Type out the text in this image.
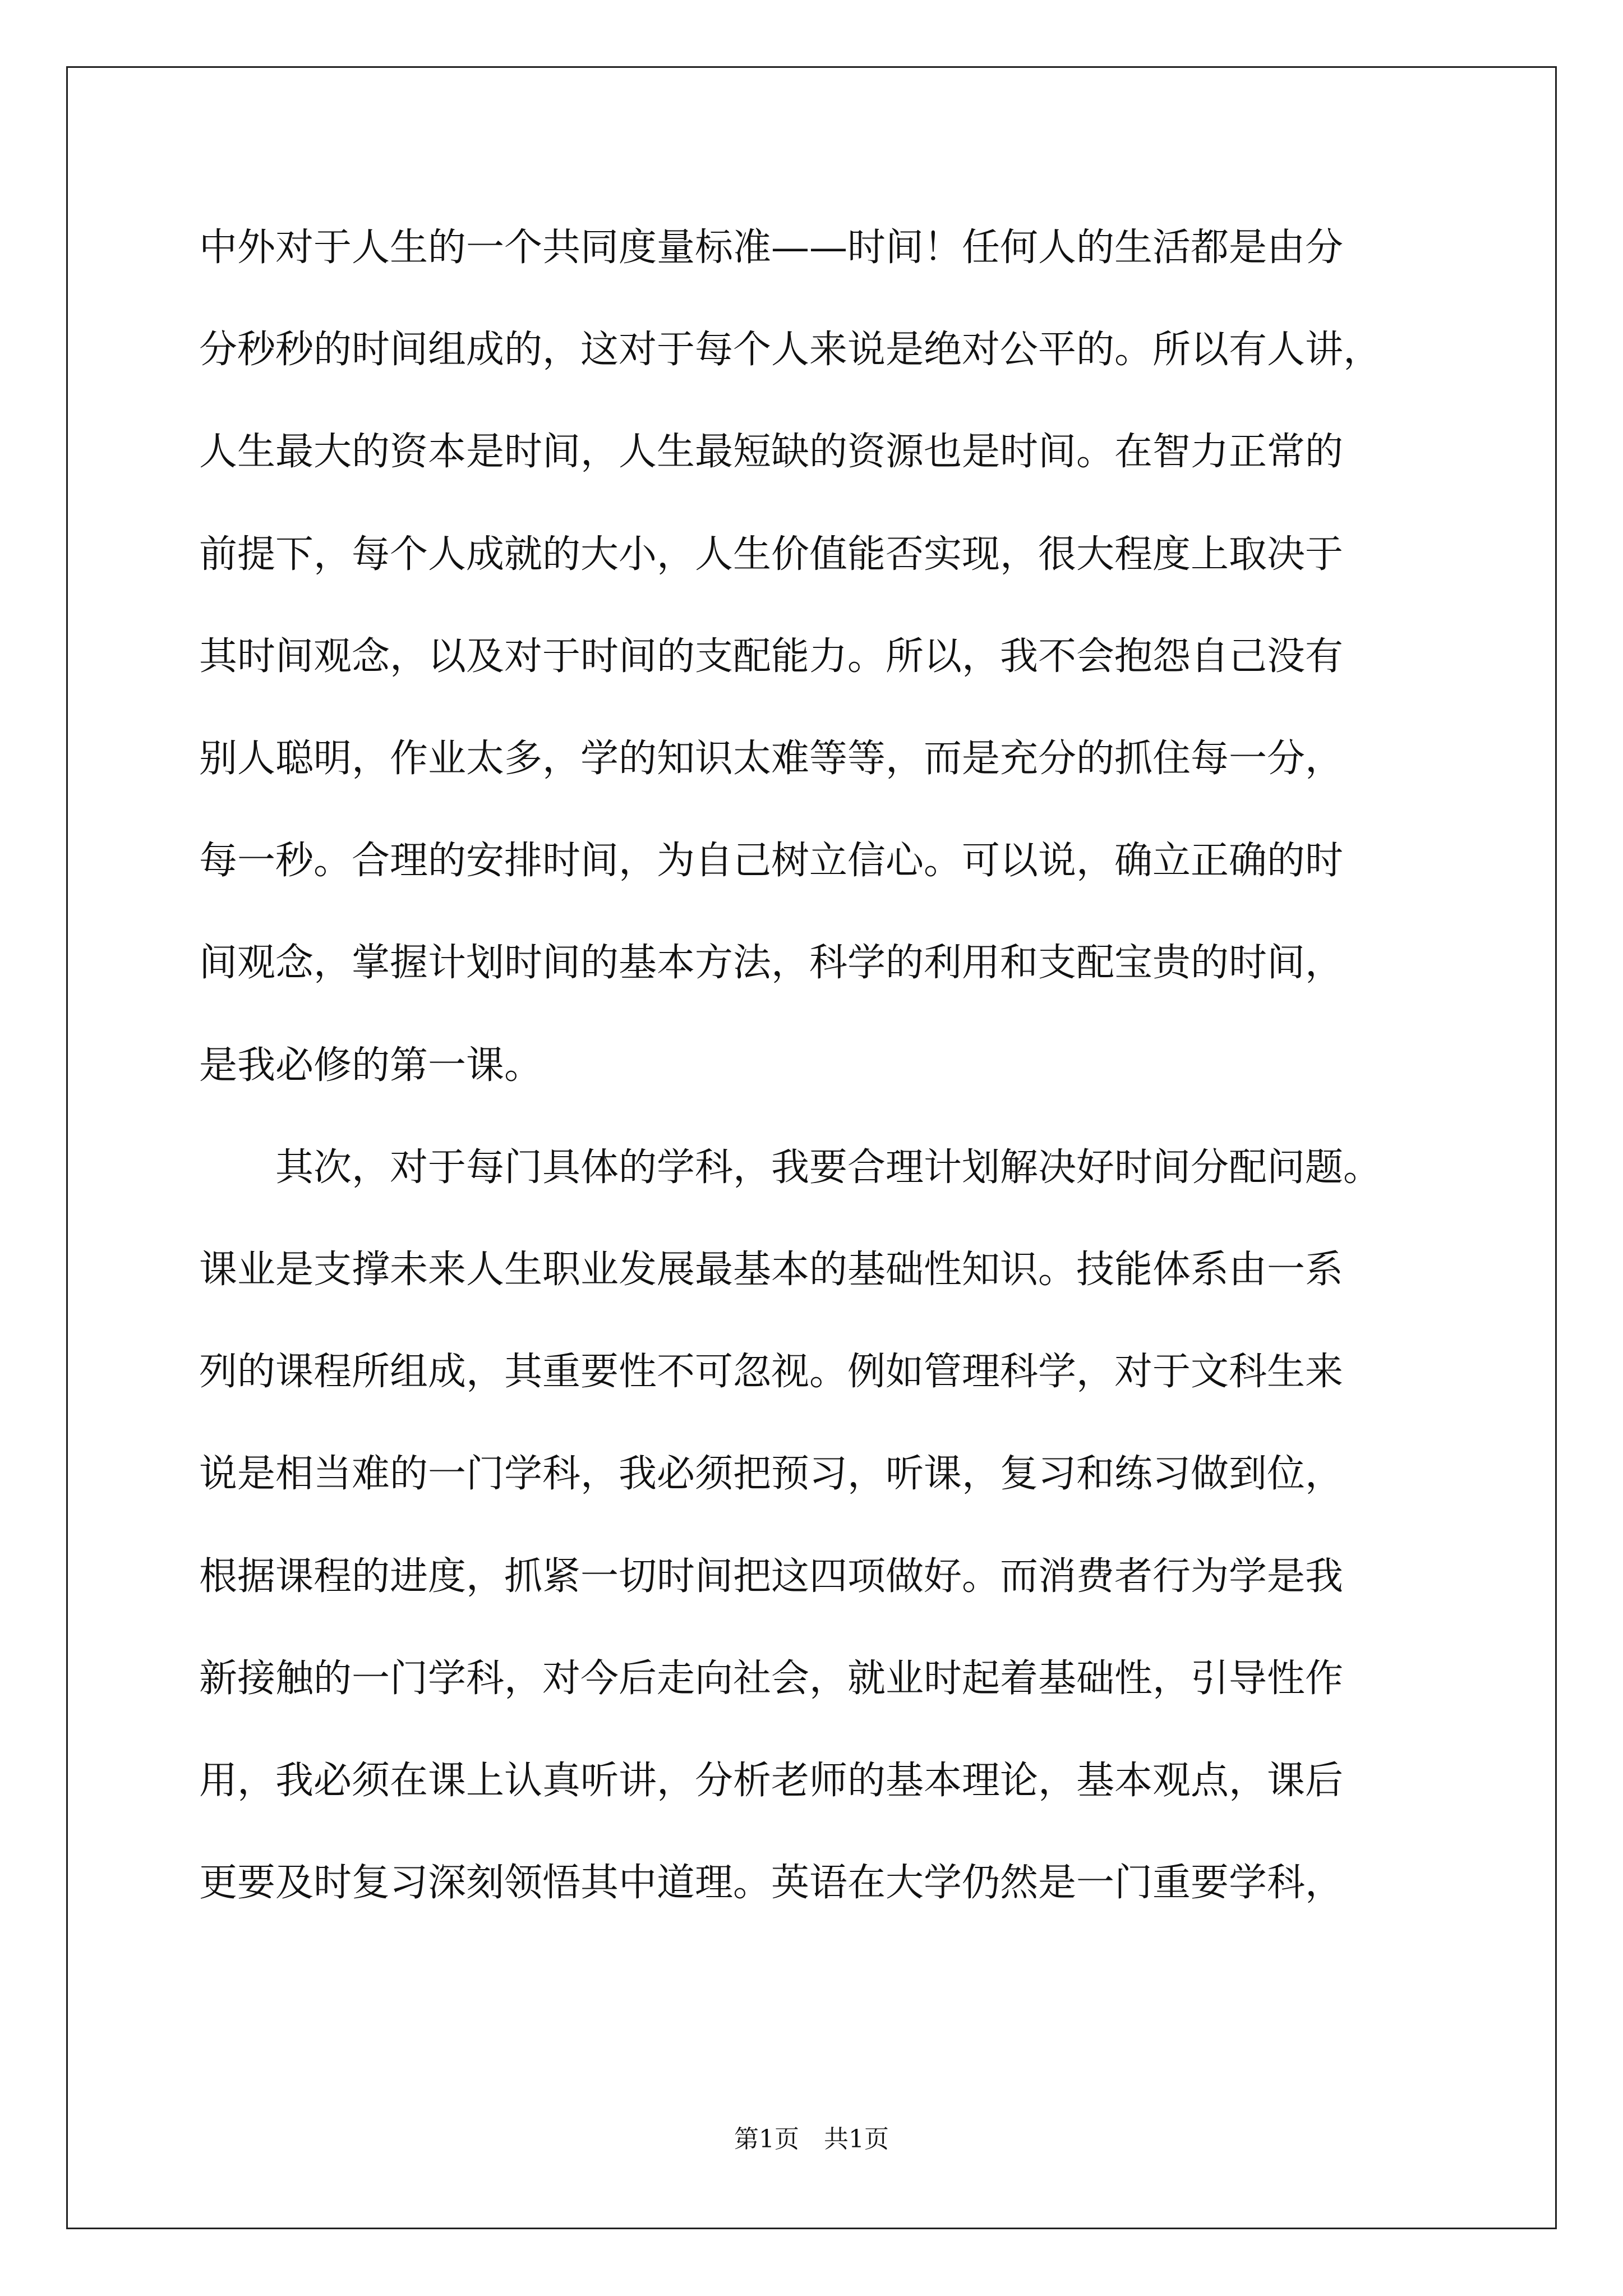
中外对于人生的一个共同度量标准——时间！任何人的生活都是由分
分秒秒的时间组成的，这对于每个人来说是绝对公平的。所以有人讲，
人生最大的资本是时间，人生最短缺的资源也是时间。在智力正常的
前提下，每个人成就的大小，人生价值能否实现，很大程度上取决于
其时间观念，以及对于时间的支配能力。所以，我不会抱怨自己没有
别人聪明，作业太多，学的知识太难等等，而是充分的抓住每一分，
每一秒。合理的安排时间，为自己树立信心。可以说，确立正确的时
间观念，掌握计划时间的基本方法，科学的利用和支配宝贵的时间，
是我必修的第一课。
　　其次，对于每门具体的学科，我要合理计划解决好时间分配问题。
课业是支撑未来人生职业发展最基本的基础性知识。技能体系由一系
列的课程所组成，其重要性不可忽视。例如管理科学，对于文科生来
说是相当难的一门学科，我必须把预习，听课，复习和练习做到位，
根据课程的进度，抓紧一切时间把这四项做好。而消费者行为学是我
新接触的一门学科，对今后走向社会，就业时起着基础性，引导性作
用，我必须在课上认真听讲，分析老师的基本理论，基本观点，课后
更要及时复习深刻领悟其中道理。英语在大学仍然是一门重要学科，
第1页　共1页
